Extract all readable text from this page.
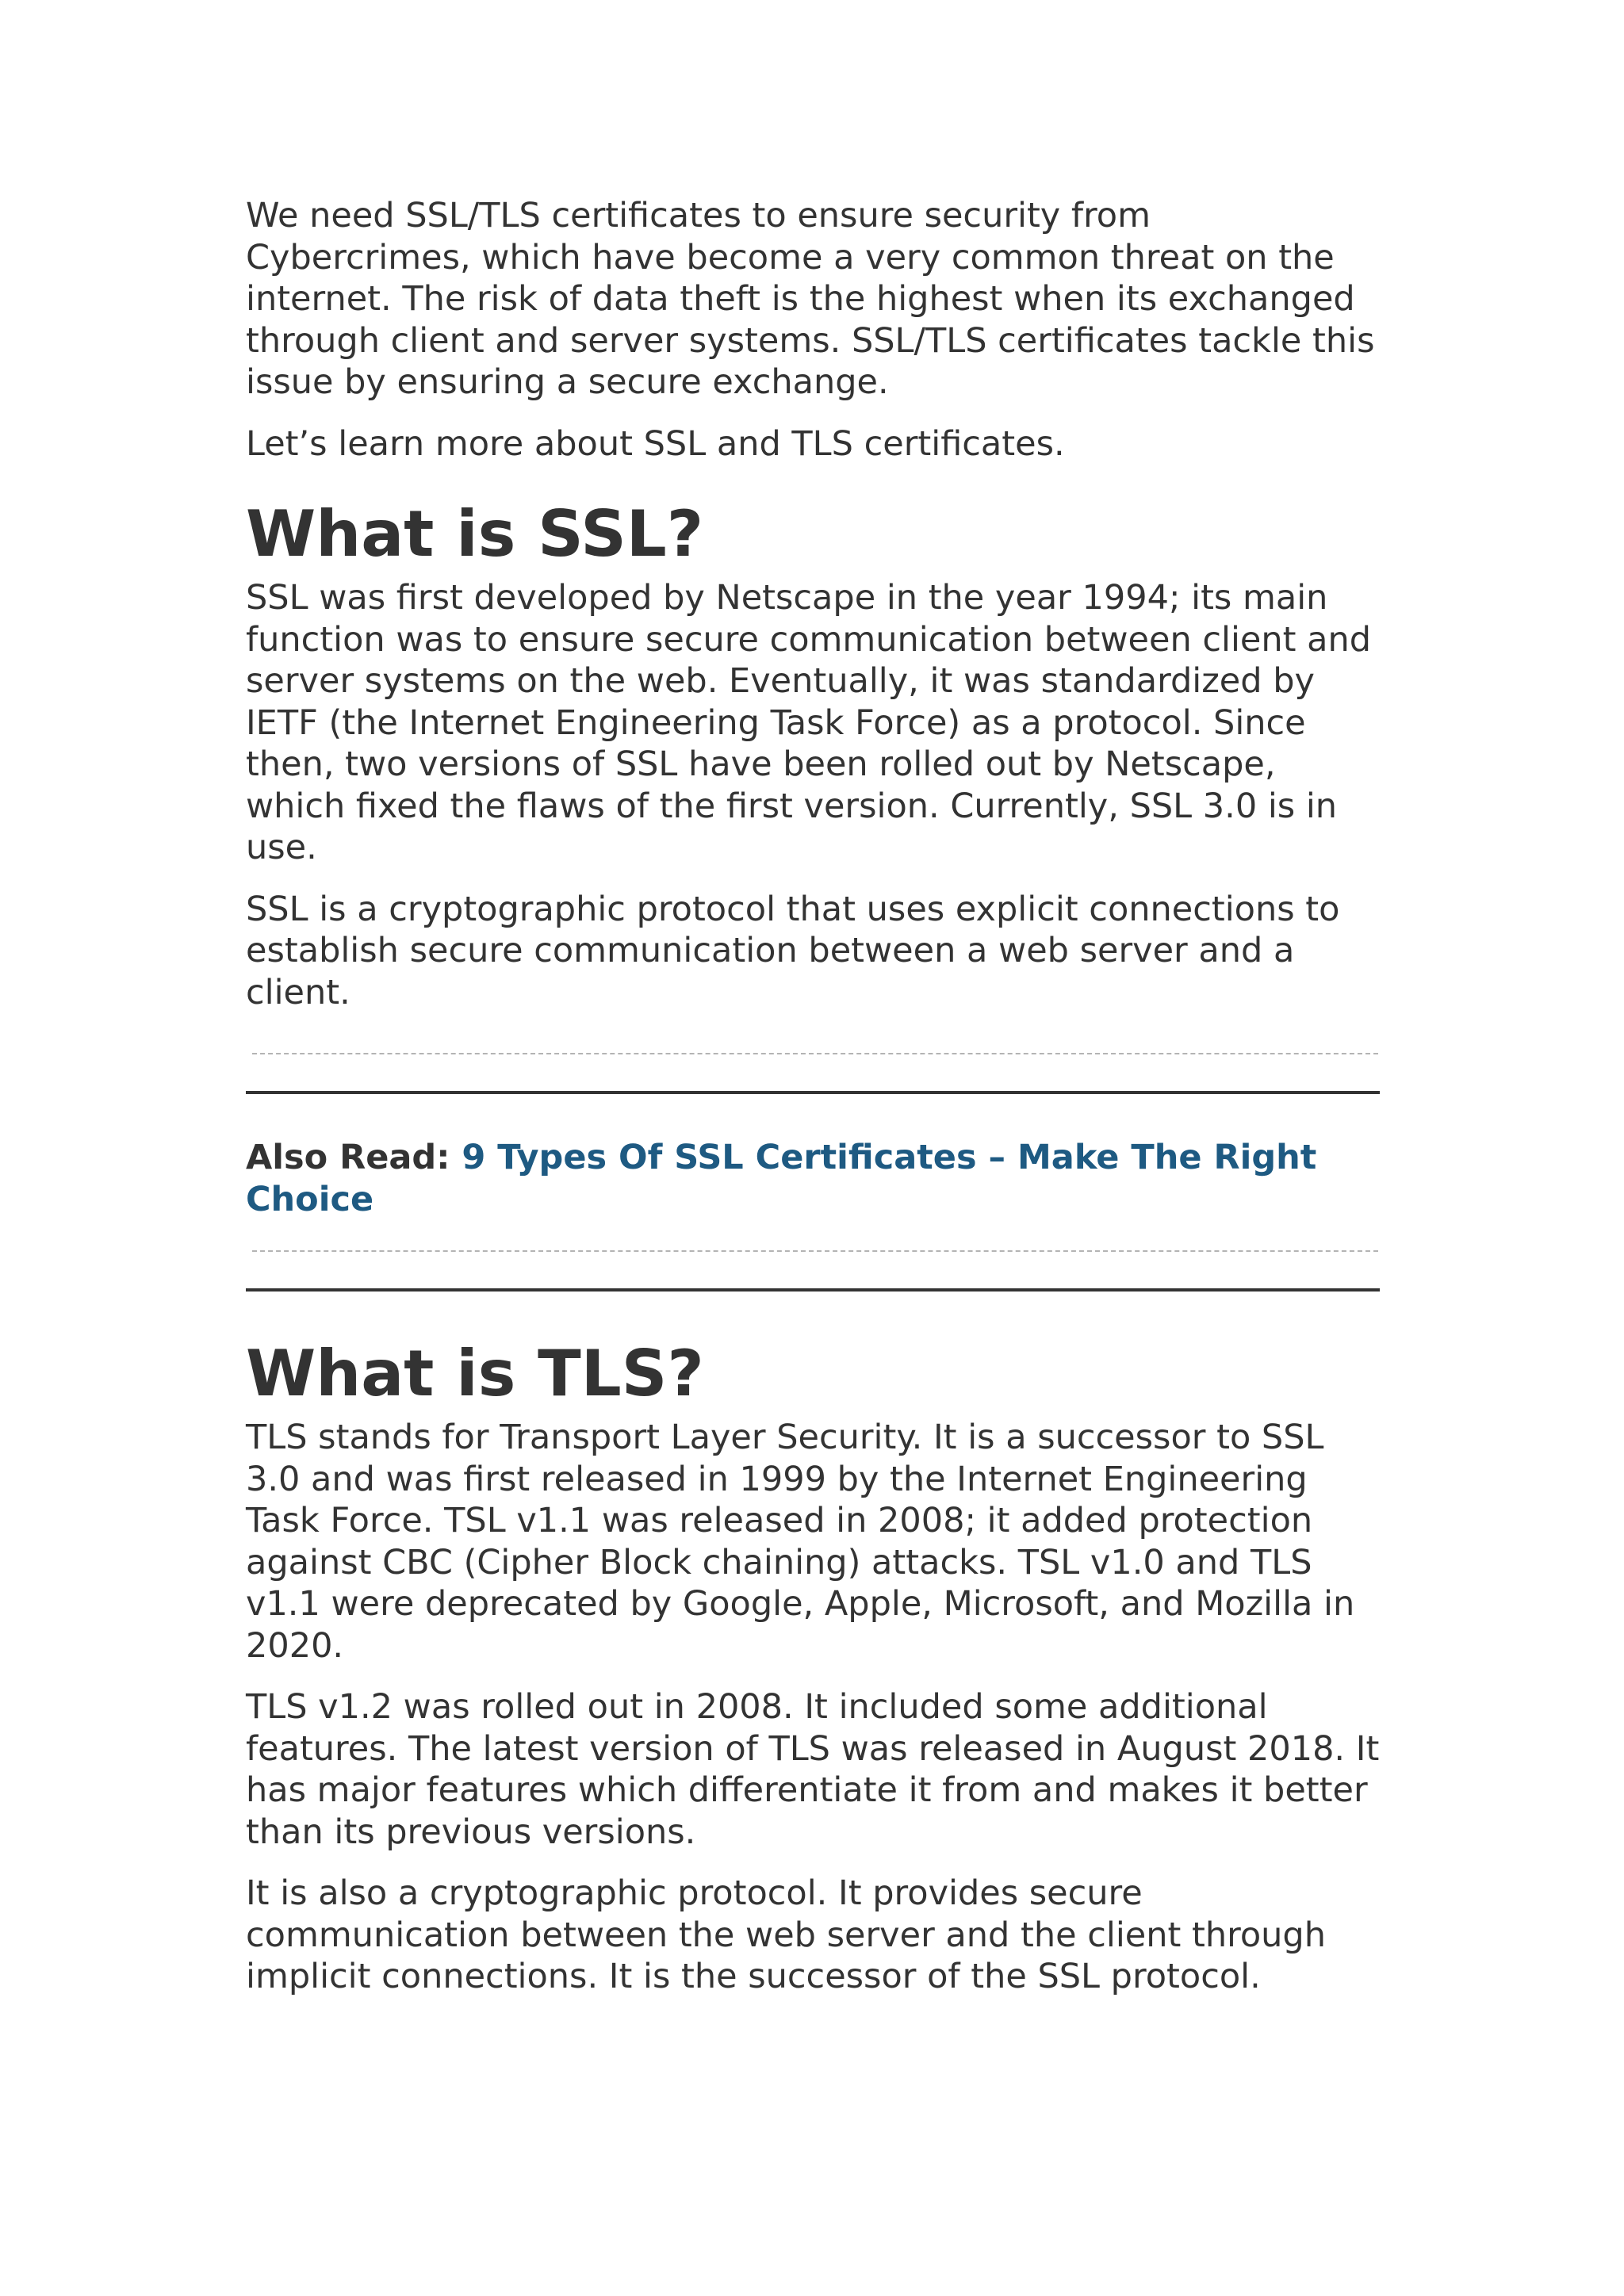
We need SSL/TLS certificates to ensure security from Cybercrimes, which have become a very common threat on the internet. The risk of data theft is the highest when its exchanged through client and server systems. SSL/TLS certificates tackle this issue by ensuring a secure exchange.

Let’s learn more about SSL and TLS certificates.

What is SSL?

SSL was first developed by Netscape in the year 1994; its main function was to ensure secure communication between client and server systems on the web. Eventually, it was standardized by IETF (the Internet Engineering Task Force) as a protocol. Since then, two versions of SSL have been rolled out by Netscape, which fixed the flaws of the first version. Currently, SSL 3.0 is in use.

SSL is a cryptographic protocol that uses explicit connections to establish secure communication between a web server and a client.

Also Read: 9 Types Of SSL Certificates – Make The Right Choice
What is TLS?

TLS stands for Transport Layer Security. It is a successor to SSL 3.0 and was first released in 1999 by the Internet Engineering Task Force. TSL v1.1 was released in 2008; it added protection against CBC (Cipher Block chaining) attacks. TSL v1.0 and TLS v1.1 were deprecated by Google, Apple, Microsoft, and Mozilla in 2020.

TLS v1.2 was rolled out in 2008. It included some additional features. The latest version of TLS was released in August 2018. It has major features which differentiate it from and makes it better than its previous versions.

It is also a cryptographic protocol. It provides secure communication between the web server and the client through implicit connections. It is the successor of the SSL protocol.
